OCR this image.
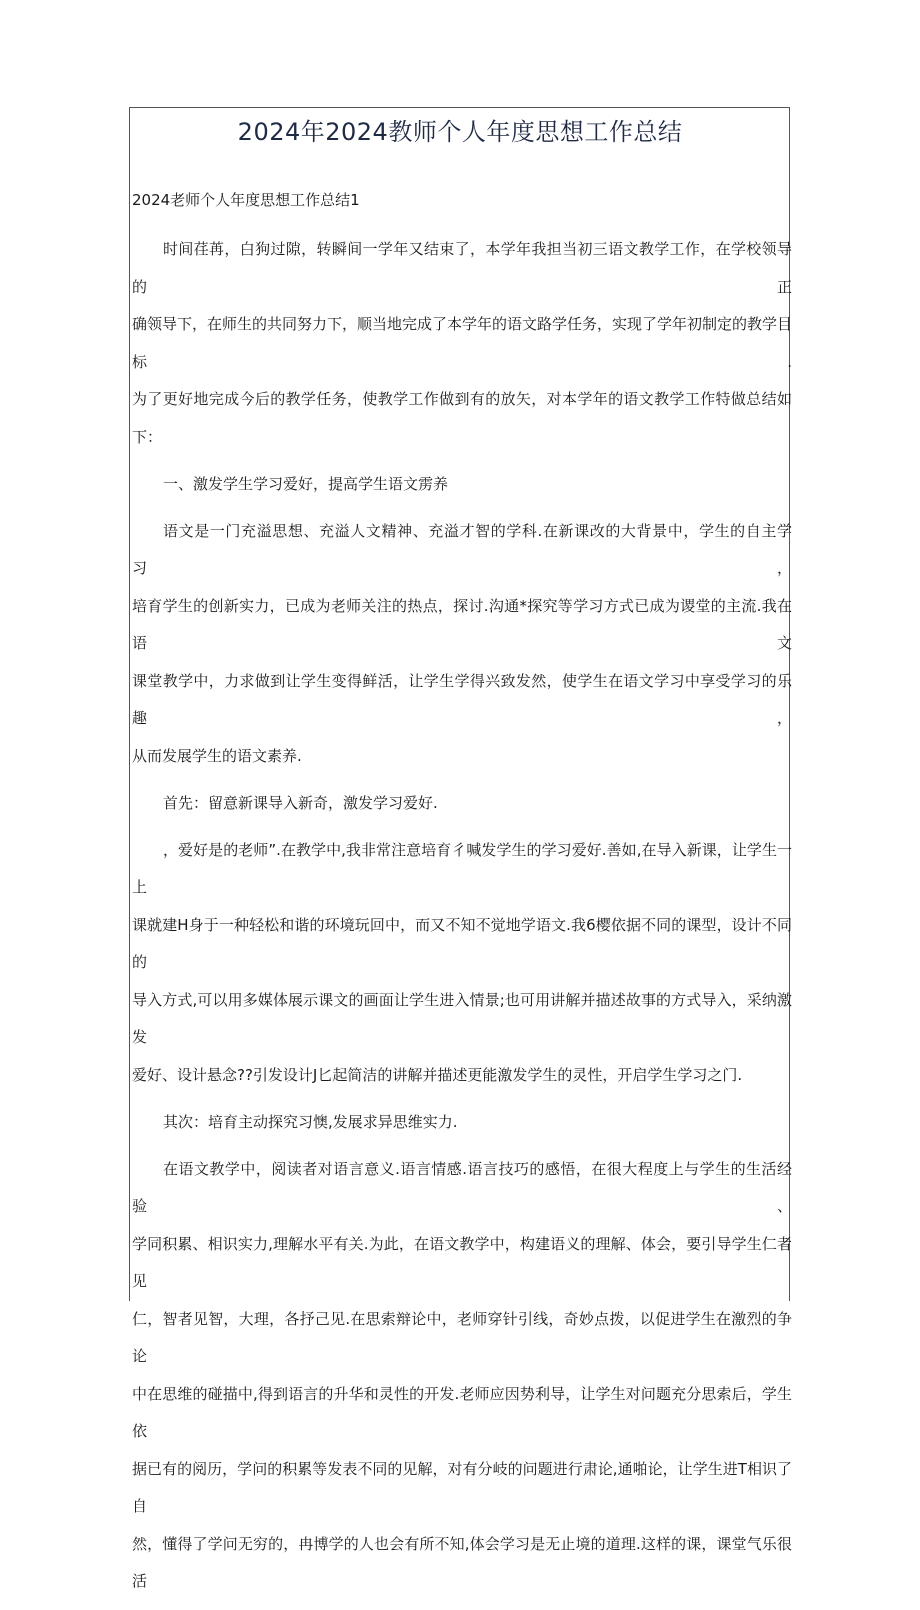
2024年2024教师个人年度思想工作总结

2024老师个人年度思想工作总结1

时间荏苒，白狗过隙，转瞬间一学年又结束了，本学年我担当初三语文教学工作，在学校领导的正
确领导下，在师生的共同努力下，顺当地完成了本学年的语文路学任务，实现了学年初制定的教学目标.
为了更好地完成今后的教学任务，使教学工作做到有的放矢，对本学年的语文教学工作特做总结如下：

一、激发学生学习爱好，提高学生语文雳养

语文是一门充溢思想、充溢人文精神、充溢才智的学科.在新课改的大背景中，学生的自主学习，
培育学生的创新实力，已成为老师关注的热点，探讨.沟通*探究等学习方式已成为谡堂的主流.我在语文
课堂教学中，力求做到让学生变得鲜活，让学生学得兴致发然，使学生在语文学习中享受学习的乐趣，
从而发展学生的语文素养.

首先：留意新课导入新奇，激发学习爱好.

，爱好是的老师”.在教学中,我非常注意培育彳喊发学生的学习爱好.善如,在导入新课，让学生一上
课就建H身于一种轻松和谐的环境玩回中，而又不知不觉地学语文.我6樱依据不同的课型，设计不同的
导入方式,可以用多媒体展示课文的画面让学生进入情景;也可用讲解并描述故事的方式导入，采纳激发
爱好、设计悬念??引发设计J匕起简洁的讲解并描述更能激发学生的灵性，开启学生学习之门.

其次：培育主动探究习懊,发展求异思维实力.

在语文教学中，阅读者对语言意义.语言情感.语言技巧的感悟，在很大程度上与学生的生活经验、
学同积累、相识实力,理解水平有关.为此，在语文教学中，构建语义的理解、体会，要引导学生仁者见
仁，智者见智，大理，各抒己见.在思索辩论中，老师穿针引线，奇妙点拨，以促进学生在激烈的争论
中在思维的碰描中,得到语言的升华和灵性的开发.老师应因势利导，让学生对问题充分思索后，学生依
据已有的阅历，学问的积累等发表不同的见解，对有分岐的问题进行肃论,通啪论，让学生进T相识了自
然，懂得了学问无穷的，冉博学的人也会有所不知,体会学习是无止境的道理.这样的课，课堂气乐很活
